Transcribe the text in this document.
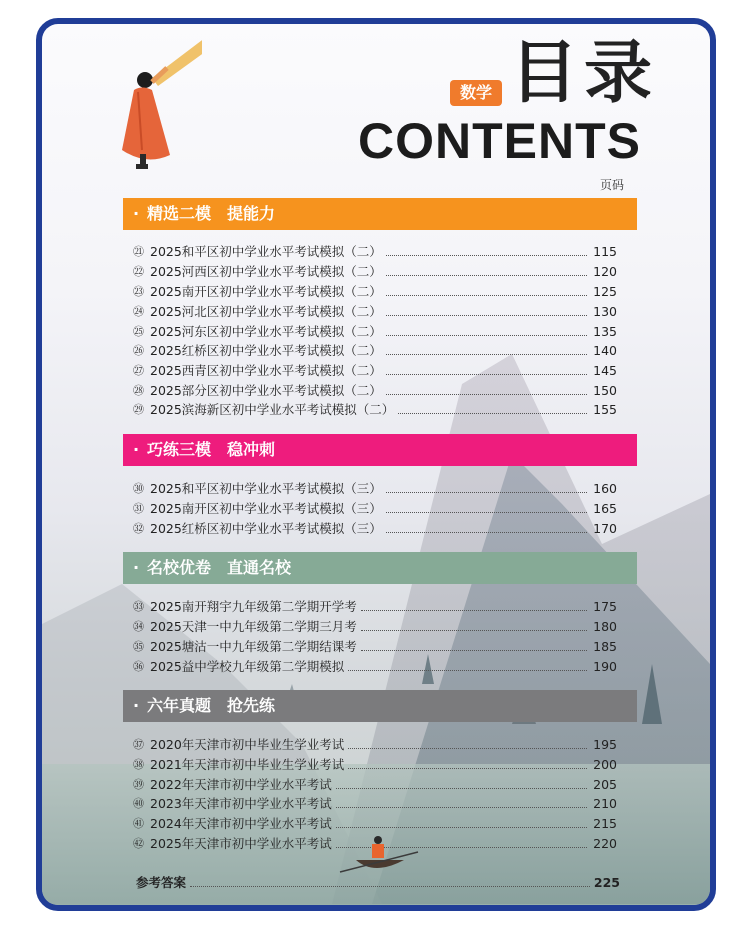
数学 目录
CONTENTS
页码
· 精选二模 提能力
㉑ 2025和平区初中学业水平考试模拟（二）	115
㉒ 2025河西区初中学业水平考试模拟（二）	120
㉓ 2025南开区初中学业水平考试模拟（二）	125
㉔ 2025河北区初中学业水平考试模拟（二）	130
㉕ 2025河东区初中学业水平考试模拟（二）	135
㉖ 2025红桥区初中学业水平考试模拟（二）	140
㉗ 2025西青区初中学业水平考试模拟（二）	145
㉘ 2025部分区初中学业水平考试模拟（二）	150
㉙ 2025滨海新区初中学业水平考试模拟（二）	155
· 巧练三模 稳冲刺
㉚ 2025和平区初中学业水平考试模拟（三）	160
㉛ 2025南开区初中学业水平考试模拟（三）	165
㉜ 2025红桥区初中学业水平考试模拟（三）	170
· 名校优卷 直通名校
㉝ 2025南开翔宇九年级第二学期开学考	175
㉞ 2025天津一中九年级第二学期三月考	180
㉟ 2025塘沽一中九年级第二学期结课考	185
㊱ 2025益中学校九年级第二学期模拟	190
· 六年真题 抢先练
㊲ 2020年天津市初中毕业生学业考试	195
㊳ 2021年天津市初中毕业生学业考试	200
㊴ 2022年天津市初中学业水平考试	205
㊵ 2023年天津市初中学业水平考试	210
㊶ 2024年天津市初中学业水平考试	215
㊷ 2025年天津市初中学业水平考试	220
参考答案	225
